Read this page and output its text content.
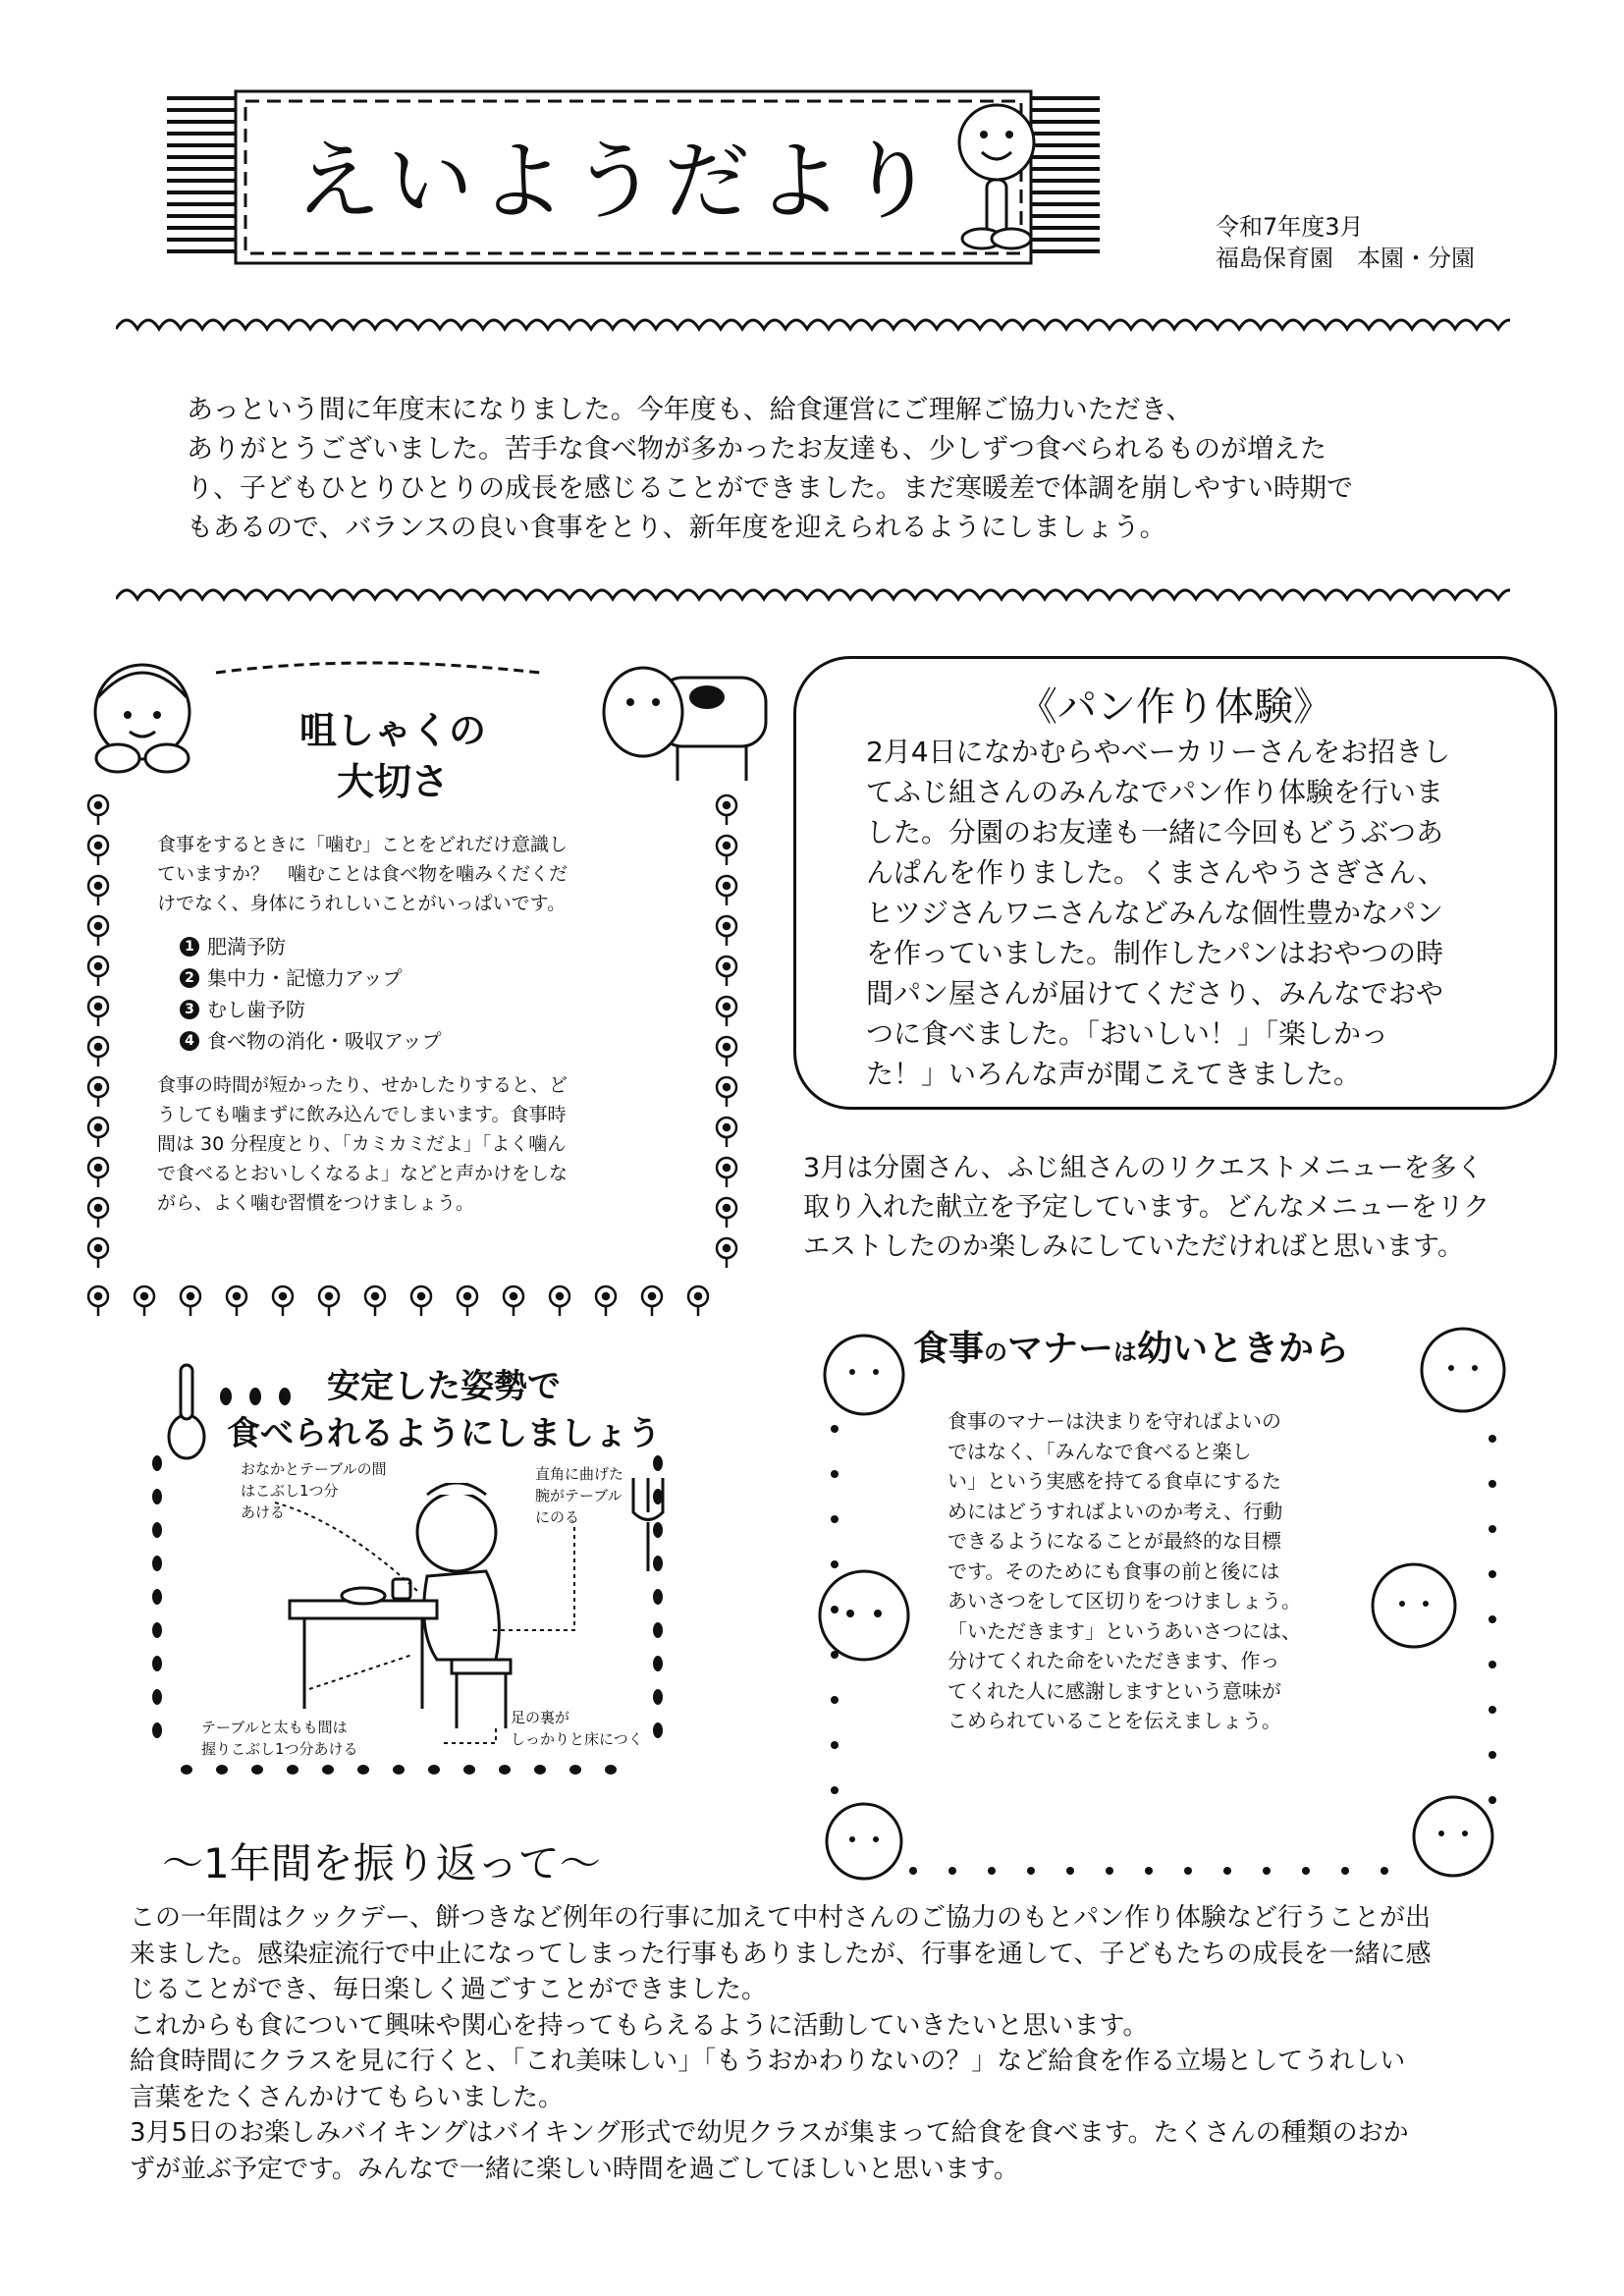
えいようだより	令和7年度3月
福島保育園　本園・分園
あっという間に年度末になりました。今年度も、給食運営にご理解ご協力いただき、
ありがとうございました。苦手な食べ物が多かったお友達も、少しずつ食べられるものが増えた
り、子どもひとりひとりの成長を感じることができました。まだ寒暖差で体調を崩しやすい時期で
もあるので、バランスの良い食事をとり、新年度を迎えられるようにしましょう。
咀しゃくの
大切さ
食事をするときに「噛む」ことをどれだけ意識し
ていますか？　噛むことは食べ物を噛みくだくだ
けでなく、身体にうれしいことがいっぱいです。
1 肥満予防
2 集中力・記憶力アップ
3 むし歯予防
4 食べ物の消化・吸収アップ
食事の時間が短かったり、せかしたりすると、ど
うしても噛まずに飲み込んでしまいます。食事時
間は 30 分程度とり、「カミカミだよ」「よく噛ん
で食べるとおいしくなるよ」などと声かけをしな
がら、よく噛む習慣をつけましょう。
《パン作り体験》
2月4日になかむらやベーカリーさんをお招きし
てふじ組さんのみんなでパン作り体験を行いま
した。分園のお友達も一緒に今回もどうぶつあ
んぱんを作りました。くまさんやうさぎさん、
ヒツジさんワニさんなどみんな個性豊かなパン
を作っていました。制作したパンはおやつの時
間パン屋さんが届けてくださり、みんなでおや
つに食べました。「おいしい！」「楽しかっ
た！」いろんな声が聞こえてきました。
3月は分園さん、ふじ組さんのリクエストメニューを多く
取り入れた献立を予定しています。どんなメニューをリク
エストしたのか楽しみにしていただければと思います。
安定した姿勢で
食べられるようにしましょう
おなかとテーブルの間
はこぶし1つ分
あける
直角に曲げた
腕がテーブル
にのる
テーブルと太もも間は
握りこぶし1つ分あける
足の裏が
しっかりと床につく
食事のマナーは幼いときから
食事のマナーは決まりを守ればよいの
ではなく、「みんなで食べると楽し
い」という実感を持てる食卓にするた
めにはどうすればよいのか考え、行動
できるようになることが最終的な目標
です。そのためにも食事の前と後には
あいさつをして区切りをつけましょう。
「いただきます」というあいさつには、
分けてくれた命をいただきます、作っ
てくれた人に感謝しますという意味が
こめられていることを伝えましょう。
～1年間を振り返って～
この一年間はクックデー、餅つきなど例年の行事に加えて中村さんのご協力のもとパン作り体験など行うことが出
来ました。感染症流行で中止になってしまった行事もありましたが、行事を通して、子どもたちの成長を一緒に感
じることができ、毎日楽しく過ごすことができました。
これからも食について興味や関心を持ってもらえるように活動していきたいと思います。
給食時間にクラスを見に行くと、「これ美味しい」「もうおかわりないの？」など給食を作る立場としてうれしい
言葉をたくさんかけてもらいました。
3月5日のお楽しみバイキングはバイキング形式で幼児クラスが集まって給食を食べます。たくさんの種類のおか
ずが並ぶ予定です。みんなで一緒に楽しい時間を過ごしてほしいと思います。
